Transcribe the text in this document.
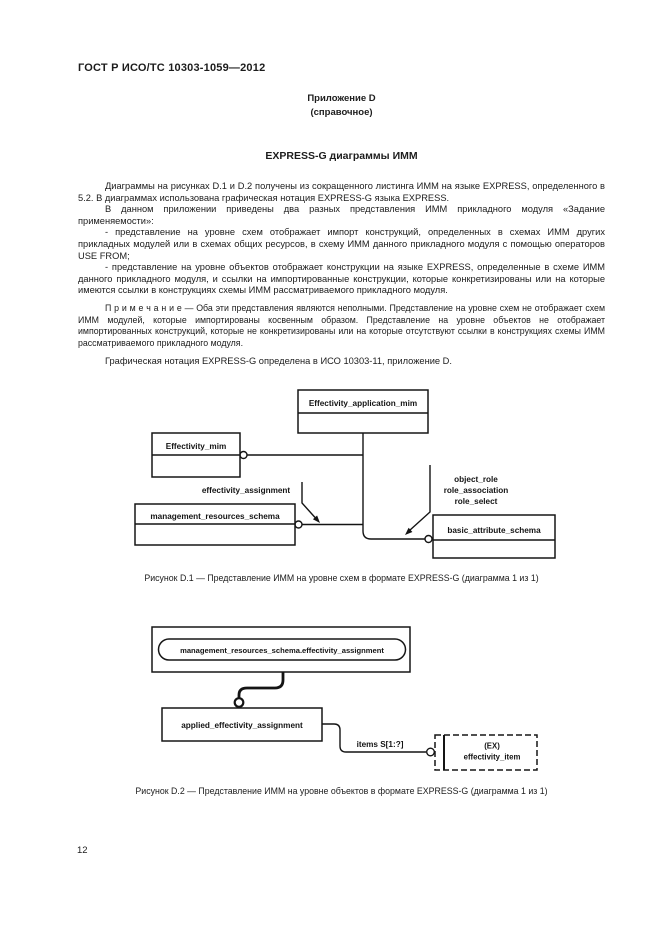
ГОСТ Р ИСО/ТС 10303-1059—2012
Приложение D
(справочное)
EXPRESS-G диаграммы ИММ

Диаграммы на рисунках D.1 и D.2 получены из сокращенного листинга ИММ на языке EXPRESS, определенного в 5.2. В диаграммах использована графическая нотация EXPRESS-G языка EXPRESS.

В данном приложении приведены два разных представления ИММ прикладного модуля «Задание применяемости»:

- представление на уровне схем отображает импорт конструкций, определенных в схемах ИММ других прикладных модулей или в схемах общих ресурсов, в схему ИММ данного прикладного модуля с помощью операторов USE FROM;

- представление на уровне объектов отображает конструкции на языке EXPRESS, определенные в схеме ИММ данного прикладного модуля, и ссылки на импортированные конструкции, которые конкретизированы или на которые имеются ссылки в конструкциях схемы ИММ рассматриваемого прикладного модуля.

П р и м е ч а н и е — Оба эти представления являются неполными. Представление на уровне схем не отображает схем ИММ модулей, которые импортированы косвенным образом. Представление на уровне объектов не отображает импортированных конструкций, которые не конкретизированы или на которые отсутствуют ссылки в конструкциях схемы ИММ рассматриваемого прикладного модуля.

Графическая нотация EXPRESS-G определена в ИСО 10303-11, приложение D.

Effectivity_application_mim
Effectivity_mim
management_resources_schema
basic_attribute_schema
effectivity_assignment
object_role
role_association
role_select
Рисунок D.1 — Представление ИММ на уровне схем в формате EXPRESS-G (диаграмма 1 из 1)
management_resources_schema.effectivity_assignment
applied_effectivity_assignment
items S[1:?]	(EX)
effectivity_item
Рисунок D.2 — Представление ИММ на уровне объектов в формате EXPRESS-G (диаграмма 1 из 1)
12
